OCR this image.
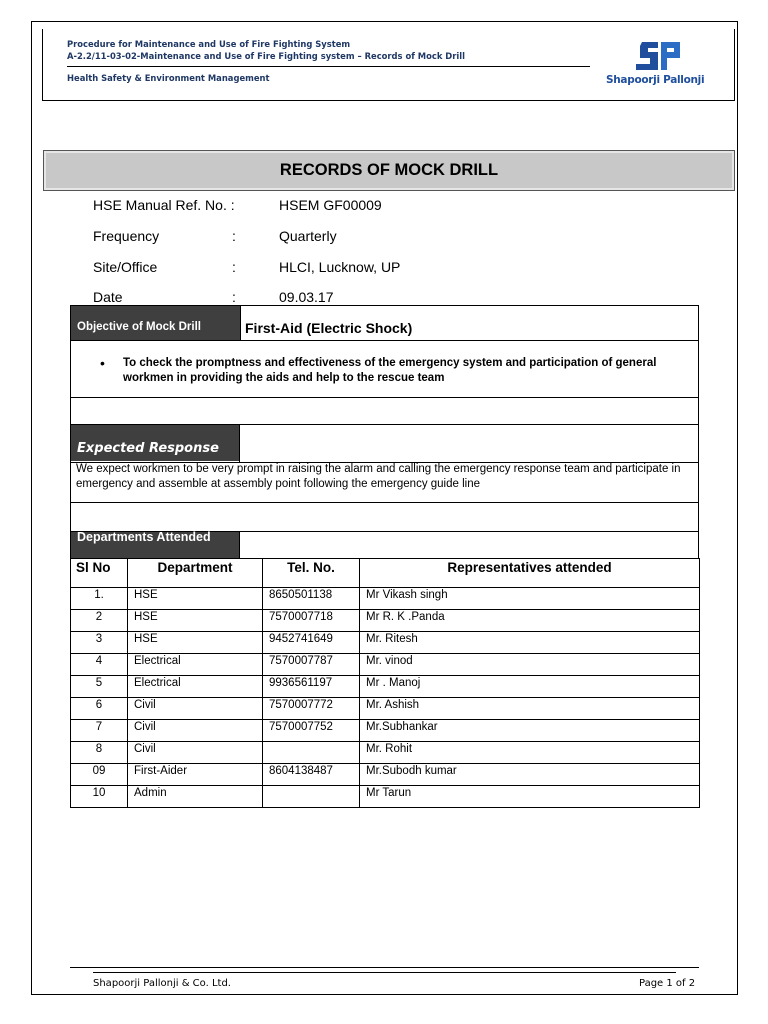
Procedure for Maintenance and Use of Fire Fighting System
A-2.2/11-03-02-Maintenance and Use of Fire Fighting system – Records of Mock Drill
Health Safety & Environment Management	Shapoorji Pallonji
RECORDS OF MOCK DRILL
HSE Manual Ref. No. :	HSEM GF00009
Frequency	:	Quarterly
Site/Office	:	HLCI, Lucknow, UP
Date	:	09.03.17
Objective of Mock Drill	First-Aid (Electric Shock)
• To check the promptness and effectiveness of the emergency system and participation of general workmen in providing the aids and help to the rescue team
Expected Response
We expect workmen to be very prompt in raising the alarm and calling the emergency response team and participate in emergency and assemble at assembly point following the emergency guide line
Departments Attended
Sl No	Department	Tel. No.	Representatives attended
1.	HSE	8650501138	Mr Vikash singh
2	HSE	7570007718	Mr R. K .Panda
3	HSE	9452741649	Mr. Ritesh
4	Electrical	7570007787	Mr. vinod
5	Electrical	9936561197	Mr . Manoj
6	Civil	7570007772	Mr. Ashish
7	Civil	7570007752	Mr.Subhankar
8	Civil		Mr. Rohit
09	First-Aider	8604138487	Mr.Subodh kumar
10	Admin		Mr Tarun
Shapoorji Pallonji & Co. Ltd.	Page 1 of 2
